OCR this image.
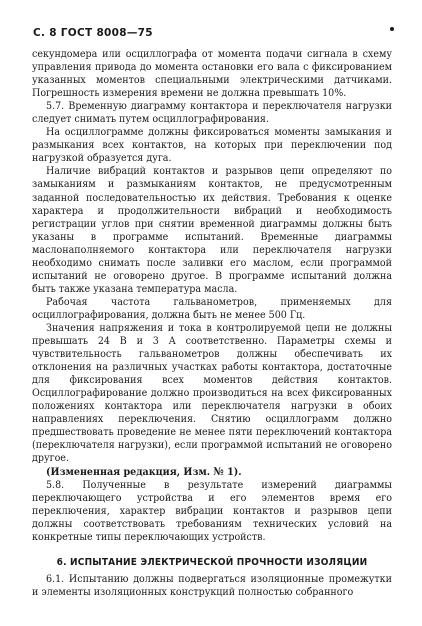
С. 8 ГОСТ 8008—75

секундомера или осциллографа от момента подачи сигнала в схему управления привода до момента остановки его вала с фиксированием указанных моментов специальными электрическими датчиками. Погрешность измерения времени не должна превышать 10%.

5.7. Временную диаграмму контактора и переключателя нагрузки следует снимать путем осциллографирования.

На осциллограмме должны фиксироваться моменты замыкания и размыкания всех контактов, на которых при переключении под нагрузкой образуется дуга.

Наличие вибраций контактов и разрывов цепи определяют по замыканиям и размыканиям контактов, не предусмотренным заданной последовательностью их действия. Требования к оценке характера и продолжительности вибраций и необходимость регистрации углов при снятии временной диаграммы должны быть указаны в программе испытаний. Временные диаграммы маслонаполняемого контактора или переключателя нагрузки необходимо снимать после заливки его маслом, если программой испытаний не оговорено другое. В программе испытаний должна быть также указана температура масла.

Рабочая частота гальванометров, применяемых для осциллографирования, должна быть не менее 500 Гц.

Значения напряжения и тока в контролируемой цепи не должны превышать 24 В и 3 А соответственно. Параметры схемы и чувствительность гальванометров должны обеспечивать их отклонения на различных участках работы контактора, достаточные для фиксирования всех моментов действия контактов. Осциллографирование должно производиться на всех фиксированных положениях контактора или переключателя нагрузки в обоих направлениях переключения. Снятию осциллограмм должно предшествовать проведение не менее пяти переключений контактора (переключателя нагрузки), если программой испытаний не оговорено другое.

(Измененная редакция, Изм. № 1).

5.8. Полученные в результате измерений диаграммы переключающего устройства и его элементов время его переключения, характер вибрации контактов и разрывов цепи должны соответствовать требованиям технических условий на конкретные типы переключающих устройств.

6. ИСПЫТАНИЕ ЭЛЕКТРИЧЕСКОЙ ПРОЧНОСТИ ИЗОЛЯЦИИ

6.1. Испытанию должны подвергаться изоляционные промежутки и элементы изоляционных конструкций полностью собранного
